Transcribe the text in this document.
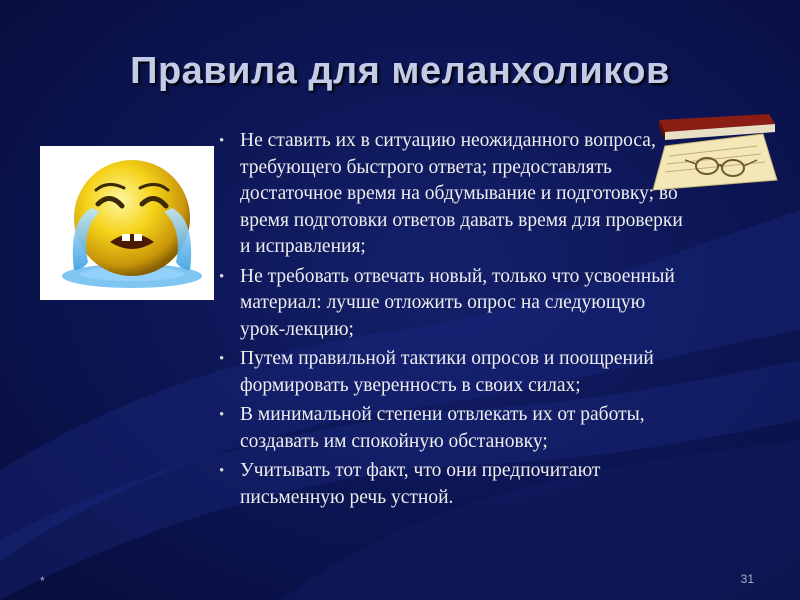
Правила для меланхоликов
• Не ставить их в ситуацию неожиданного вопроса, требующего быстрого ответа; предоставлять достаточное время на обдумывание и подготовку; во время подготовки ответов давать время для проверки и исправления;
• Не требовать отвечать новый, только что усвоенный материал: лучше отложить опрос на следующую урок-лекцию;
• Путем правильной тактики опросов и поощрений формировать уверенность в своих силах;
• В минимальной степени отвлекать их от работы, создавать им спокойную обстановку;
• Учитывать тот факт, что они предпочитают письменную речь устной.
*	31
